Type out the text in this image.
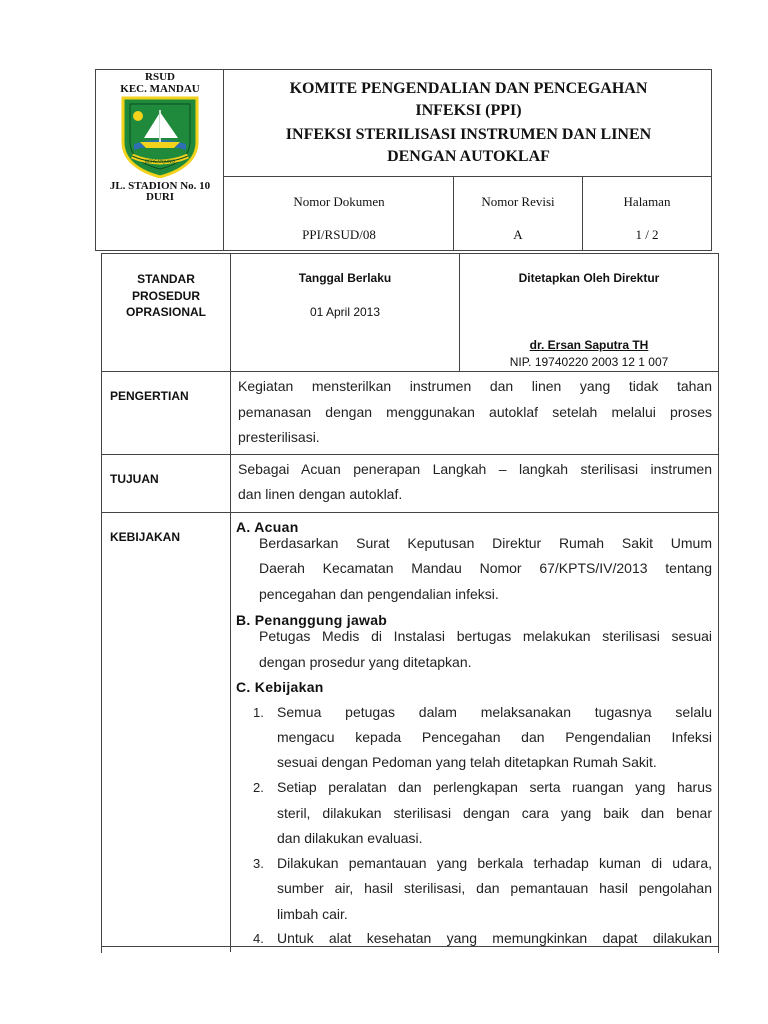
RSUD
KEC. MANDAU
BERSANJUNG
JL. STADION No. 10
DURI
KOMITE PENGENDALIAN DAN PENCEGAHAN
INFEKSI (PPI)
INFEKSI STERILISASI INSTRUMEN DAN LINEN
DENGAN AUTOKLAF
Nomor Dokumen
PPI/RSUD/08
Nomor Revisi
A
Halaman
1 / 2
STANDAR
PROSEDUR
OPRASIONAL
Tanggal Berlaku
01 April 2013
Ditetapkan Oleh Direktur
dr. Ersan Saputra TH
NIP. 19740220 2003 12 1 007
PENGERTIAN
Kegiatan mensterilkan instrumen dan linen yang tidak tahan
pemanasan dengan menggunakan autoklaf setelah melalui proses
presterilisasi.
TUJUAN
Sebagai Acuan penerapan Langkah – langkah sterilisasi instrumen
dan linen dengan autoklaf.
KEBIJAKAN
A. Acuan
Berdasarkan Surat Keputusan Direktur Rumah Sakit Umum
Daerah Kecamatan Mandau Nomor 67/KPTS/IV/2013 tentang
pencegahan dan pengendalian infeksi.
B. Penanggung jawab
Petugas Medis di Instalasi bertugas melakukan sterilisasi sesuai
dengan prosedur yang ditetapkan.
C. Kebijakan
1. Semua petugas dalam melaksanakan tugasnya selalu
mengacu kepada Pencegahan dan Pengendalian Infeksi
sesuai dengan Pedoman yang telah ditetapkan Rumah Sakit.
2. Setiap peralatan dan perlengkapan serta ruangan yang harus
steril, dilakukan sterilisasi dengan cara yang baik dan benar
dan dilakukan evaluasi.
3. Dilakukan pemantauan yang berkala terhadap kuman di udara,
sumber air, hasil sterilisasi, dan pemantauan hasil pengolahan
limbah cair.
4. Untuk alat kesehatan yang memungkinkan dapat dilakukan
